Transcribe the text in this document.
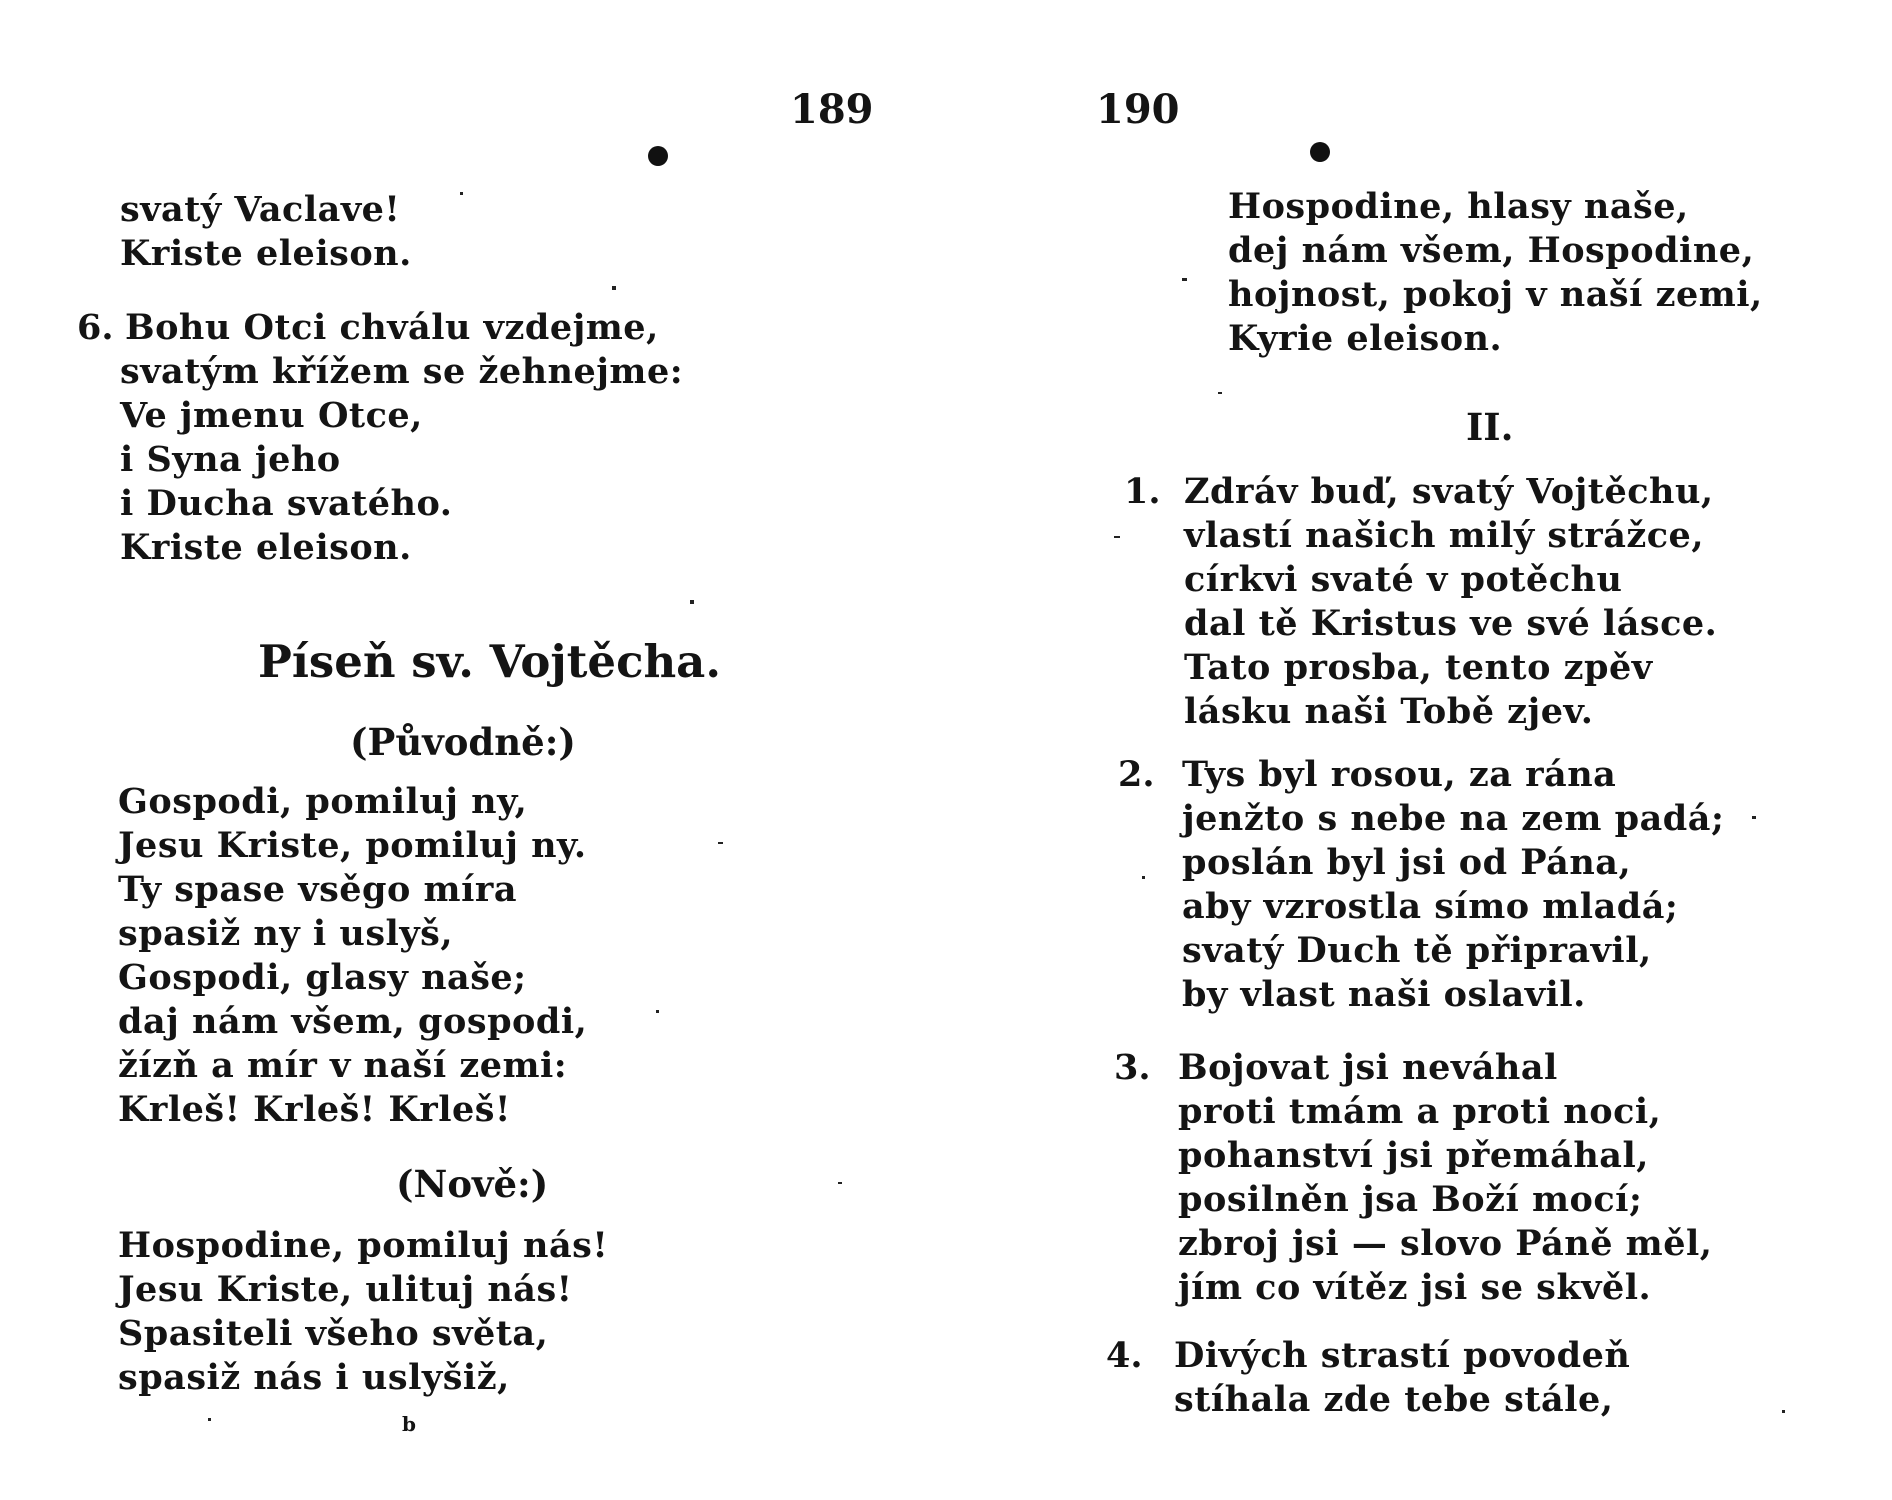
189
svatý Vaclave!
Kriste eleison.
6. Bohu Otci chválu vzdejme,
svatým křížem se žehnejme:
Ve jmenu Otce,
i Syna jeho
i Ducha svatého.
Kriste eleison.
Píseň sv. Vojtěcha.
(Původně:)
Gospodi, pomiluj ny,
Jesu Kriste, pomiluj ny.
Ty spase vsěgo míra
spasiž ny i uslyš,
Gospodi, glasy naše;
daj nám všem, gospodi,
žízň a mír v naší zemi:
Krleš! Krleš! Krleš!
(Nově:)
Hospodine, pomiluj nás!
Jesu Kriste, ulituj nás!
Spasiteli všeho světa,
spasiž nás i uslyšiž,
b
190
Hospodine, hlasy naše,
dej nám všem, Hospodine,
hojnost, pokoj v naší zemi,
Kyrie eleison.
II.
1. Zdráv buď, svatý Vojtěchu,
vlastí našich milý strážce,
církvi svaté v potěchu
dal tě Kristus ve své lásce.
Tato prosba, tento zpěv
lásku naši Tobě zjev.
2. Tys byl rosou, za rána
jenžto s nebe na zem padá;
poslán byl jsi od Pána,
aby vzrostla símo mladá;
svatý Duch tě připravil,
by vlast naši oslavil.
3. Bojovat jsi neváhal
proti tmám a proti noci,
pohanství jsi přemáhal,
posilněn jsa Boží mocí;
zbroj jsi — slovo Páně měl,
jím co vítěz jsi se skvěl.
4. Divých strastí povodeň
stíhala zde tebe stále,
